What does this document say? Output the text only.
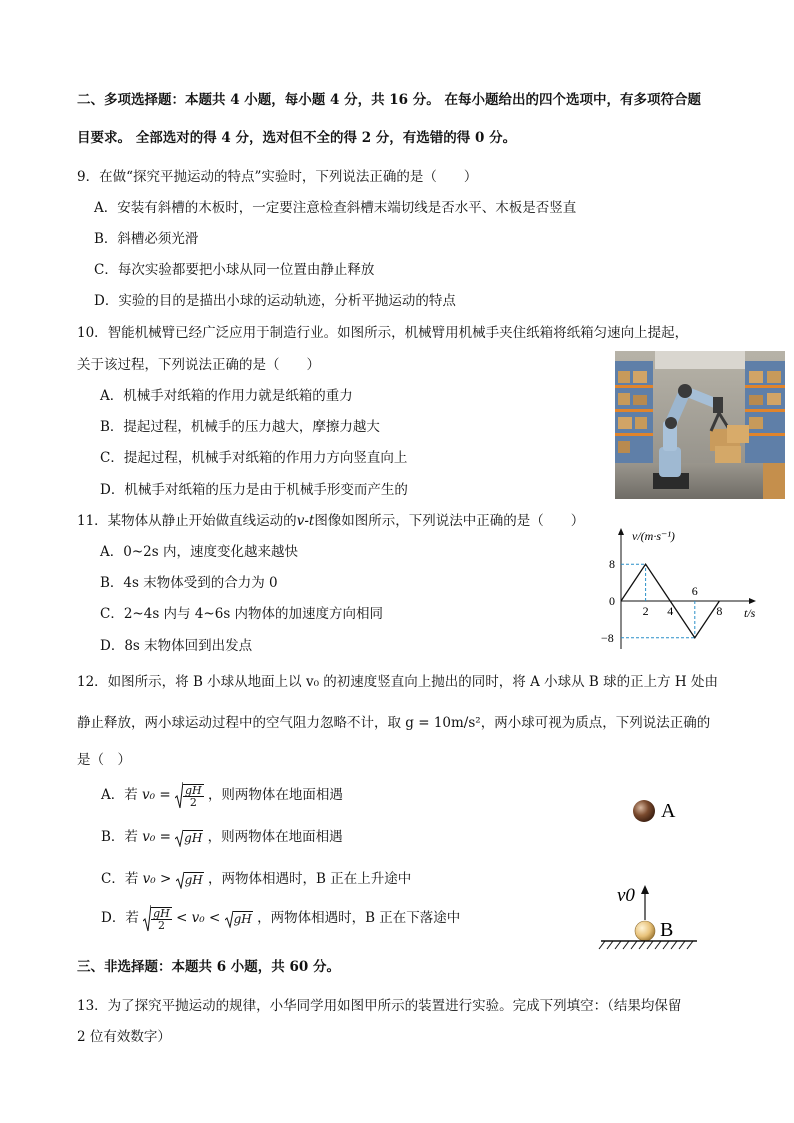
二、多项选择题：本题共 4 小题，每小题 4 分，共 16 分。 在每小题给出的四个选项中，有多项符合题
目要求。 全部选对的得 4 分，选对但不全的得 2 分，有选错的得 0 分。
9．在做“探究平抛运动的特点”实验时，下列说法正确的是（　　）
A．安装有斜槽的木板时，一定要注意检查斜槽末端切线是否水平、木板是否竖直
B．斜槽必须光滑
C．每次实验都要把小球从同一位置由静止释放
D．实验的目的是描出小球的运动轨迹，分析平抛运动的特点
10．智能机械臂已经广泛应用于制造行业。如图所示，机械臂用机械手夹住纸箱将纸箱匀速向上提起，
关于该过程，下列说法正确的是（　　）
A．机械手对纸箱的作用力就是纸箱的重力
B．提起过程，机械手的压力越大，摩擦力越大
C．提起过程，机械手对纸箱的作用力方向竖直向上
D．机械手对纸箱的压力是由于机械手形变而产生的
11．某物体从静止开始做直线运动的v-t图像如图所示，下列说法中正确的是（　　）
A．0~2s 内，速度变化越来越快
B．4s 末物体受到的合力为 0
C．2~4s 内与 4~6s 内物体的加速度方向相同
D．8s 末物体回到出发点
v/(m·s⁻¹)
t/s
2 4
6
8
8
0
−8
12．如图所示，将 B 小球从地面上以 v₀ 的初速度竖直向上抛出的同时，将 A 小球从 B 球的正上方 H 处由
静止释放，两小球运动过程中的空气阻力忽略不计，取 g = 10m/s²，两小球可视为质点，下列说法正确的
是（　）
A．若 $v_0 = \frac{gH}{2}$ ，则两物体在地面相遇
B．若 v₀ = gH ，则两物体在地面相遇
C．若 v₀ > gH ，两物体相遇时，B 正在上升途中
D．若 $\frac{gH}{2} < v_0$ < gH ，两物体相遇时，B 正在下落途中
A
v0
B
三、非选择题：本题共 6 小题，共 60 分。
13．为了探究平抛运动的规律，小华同学用如图甲所示的装置进行实验。完成下列填空：（结果均保留
2 位有效数字）
